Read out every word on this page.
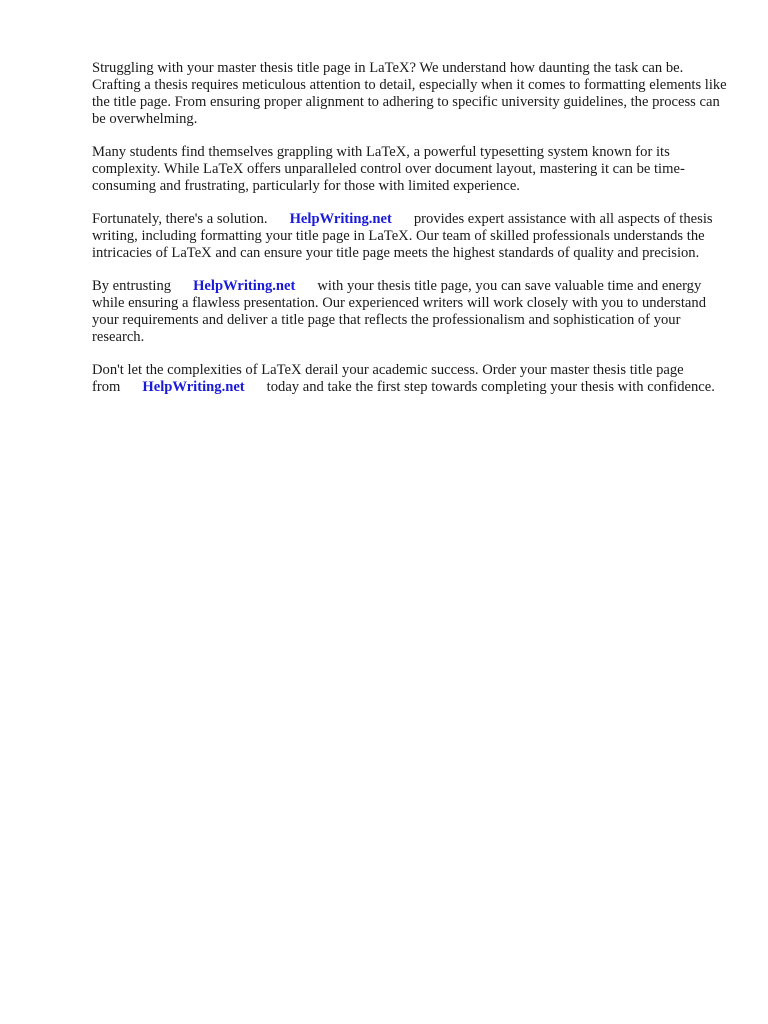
Struggling with your master thesis title page in LaTeX? We understand how daunting the task can be. Crafting a thesis requires meticulous attention to detail, especially when it comes to formatting elements like the title page. From ensuring proper alignment to adhering to specific university guidelines, the process can be overwhelming.

Many students find themselves grappling with LaTeX, a powerful typesetting system known for its complexity. While LaTeX offers unparalleled control over document layout, mastering it can be time-consuming and frustrating, particularly for those with limited experience.

Fortunately, there's a solution. HelpWriting.net provides expert assistance with all aspects of thesis writing, including formatting your title page in LaTeX. Our team of skilled professionals understands the intricacies of LaTeX and can ensure your title page meets the highest standards of quality and precision.

By entrusting HelpWriting.net with your thesis title page, you can save valuable time and energy while ensuring a flawless presentation. Our experienced writers will work closely with you to understand your requirements and deliver a title page that reflects the professionalism and sophistication of your research.

Don't let the complexities of LaTeX derail your academic success. Order your master thesis title page from HelpWriting.net today and take the first step towards completing your thesis with confidence.
